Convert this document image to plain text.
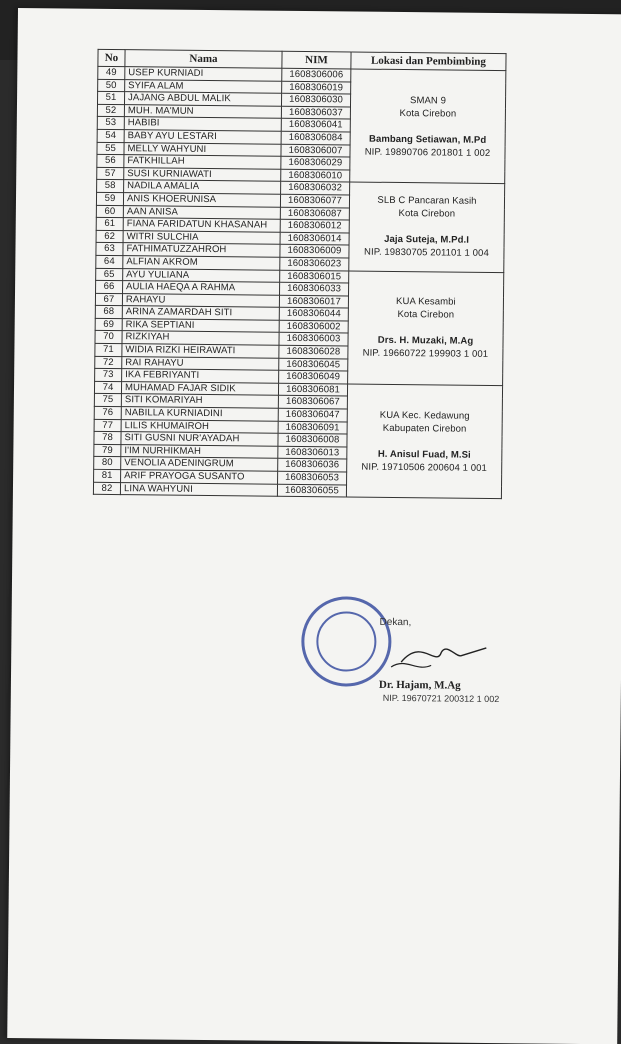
No	Nama	NIM	Lokasi dan Pembimbing
49	USEP KURNIADI	1608306006	SMAN 9
Kota Cirebon

Bambang Setiawan, M.Pd
NIP. 19890706 201801 1 002

50	SYIFA ALAM	1608306019	
51	JAJANG ABDUL MALIK	1608306030	
52	MUH. MA'MUN	1608306037	
53	HABIBI	1608306041	
54	BABY AYU LESTARI	1608306084	
55	MELLY WAHYUNI	1608306007	
56	FATKHILLAH	1608306029	
57	SUSI KURNIAWATI	1608306010	
58	NADILA AMALIA	1608306032	SLB C Pancaran Kasih
Kota Cirebon

Jaja Suteja, M.Pd.I
NIP. 19830705 201101 1 004

59	ANIS KHOERUNISA	1608306077	
60	AAN ANISA	1608306087	
61	FIANA FARIDATUN KHASANAH	1608306012	
62	WITRI SULCHIA	1608306014	
63	FATHIMATUZZAHROH	1608306009	
64	ALFIAN AKROM	1608306023	
65	AYU YULIANA	1608306015	KUA Kesambi
Kota Cirebon

Drs. H. Muzaki, M.Ag
NIP. 19660722 199903 1 001

66	AULIA HAEQA A RAHMA	1608306033	
67	RAHAYU	1608306017	
68	ARINA ZAMARDAH SITI	1608306044	
69	RIKA SEPTIANI	1608306002	
70	RIZKIYAH	1608306003	
71	WIDIA RIZKI HEIRAWATI	1608306028	
72	RAI RAHAYU	1608306045	
73	IKA FEBRIYANTI	1608306049	
74	MUHAMAD FAJAR SIDIK	1608306081	KUA Kec. Kedawung
Kabupaten Cirebon

H. Anisul Fuad, M.Si
NIP. 19710506 200604 1 001

75	SITI KOMARIYAH	1608306067	
76	NABILLA KURNIADINI	1608306047	
77	LILIS KHUMAIROH	1608306091	
78	SITI GUSNI NUR'AYADAH	1608306008	
79	I'IM NURHIKMAH	1608306013	
80	VENOLIA ADENINGRUM	1608306036	
81	ARIF PRAYOGA SUSANTO	1608306053	
82	LINA WAHYUNI	1608306055	
Dekan,
Dr. Hajam, M.Ag
NIP. 19670721 200312 1 002
